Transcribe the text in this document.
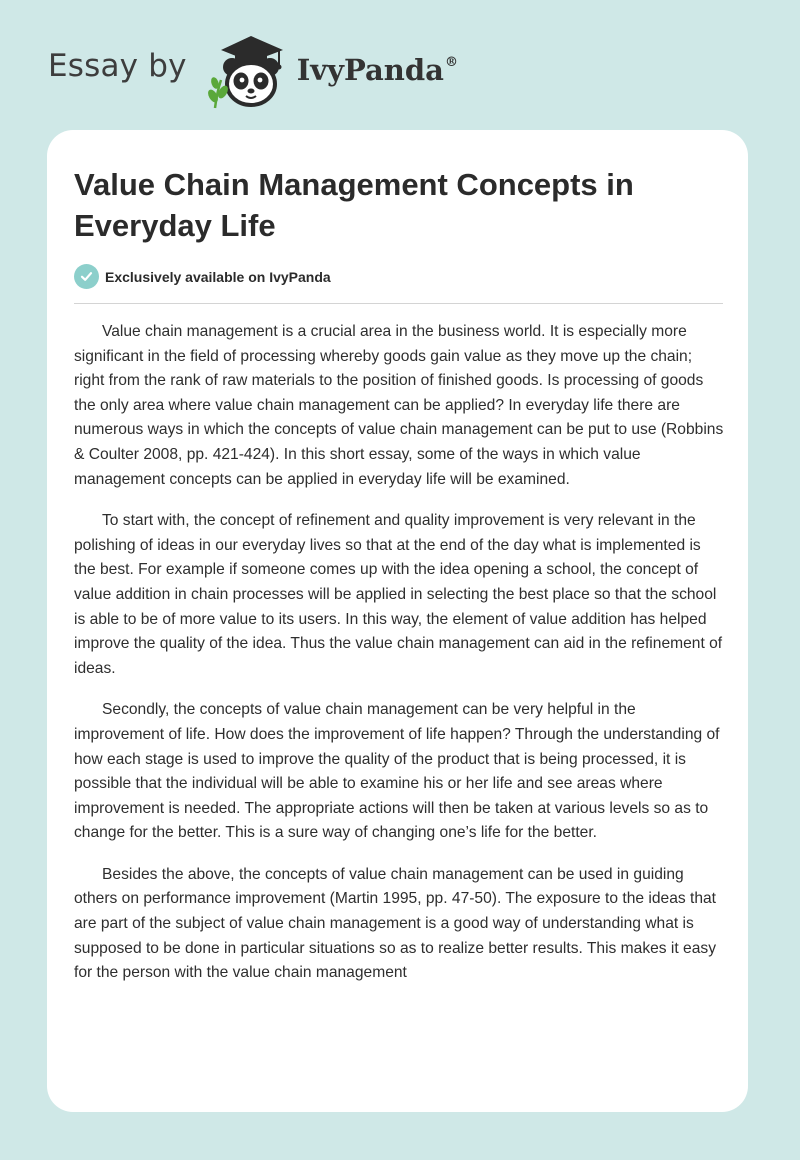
Essay by	IvyPanda®
Value Chain Management Concepts in Everyday Life
Exclusively available on IvyPanda

Value chain management is a crucial area in the business world. It is especially more significant in the field of processing whereby goods gain value as they move up the chain; right from the rank of raw materials to the position of finished goods. Is processing of goods the only area where value chain management can be applied? In everyday life there are numerous ways in which the concepts of value chain management can be put to use (Robbins & Coulter 2008, pp. 421-424). In this short essay, some of the ways in which value management concepts can be applied in everyday life will be examined.

To start with, the concept of refinement and quality improvement is very relevant in the polishing of ideas in our everyday lives so that at the end of the day what is implemented is the best. For example if someone comes up with the idea opening a school, the concept of value addition in chain processes will be applied in selecting the best place so that the school is able to be of more value to its users. In this way, the element of value addition has helped improve the quality of the idea. Thus the value chain management can aid in the refinement of ideas.

Secondly, the concepts of value chain management can be very helpful in the improvement of life. How does the improvement of life happen? Through the understanding of how each stage is used to improve the quality of the product that is being processed, it is possible that the individual will be able to examine his or her life and see areas where improvement is needed. The appropriate actions will then be taken at various levels so as to change for the better. This is a sure way of changing one’s life for the better.

Besides the above, the concepts of value chain management can be used in guiding others on performance improvement (Martin 1995, pp. 47-50). The exposure to the ideas that are part of the subject of value chain management is a good way of understanding what is supposed to be done in particular situations so as to realize better results. This makes it easy for the person with the value chain management
